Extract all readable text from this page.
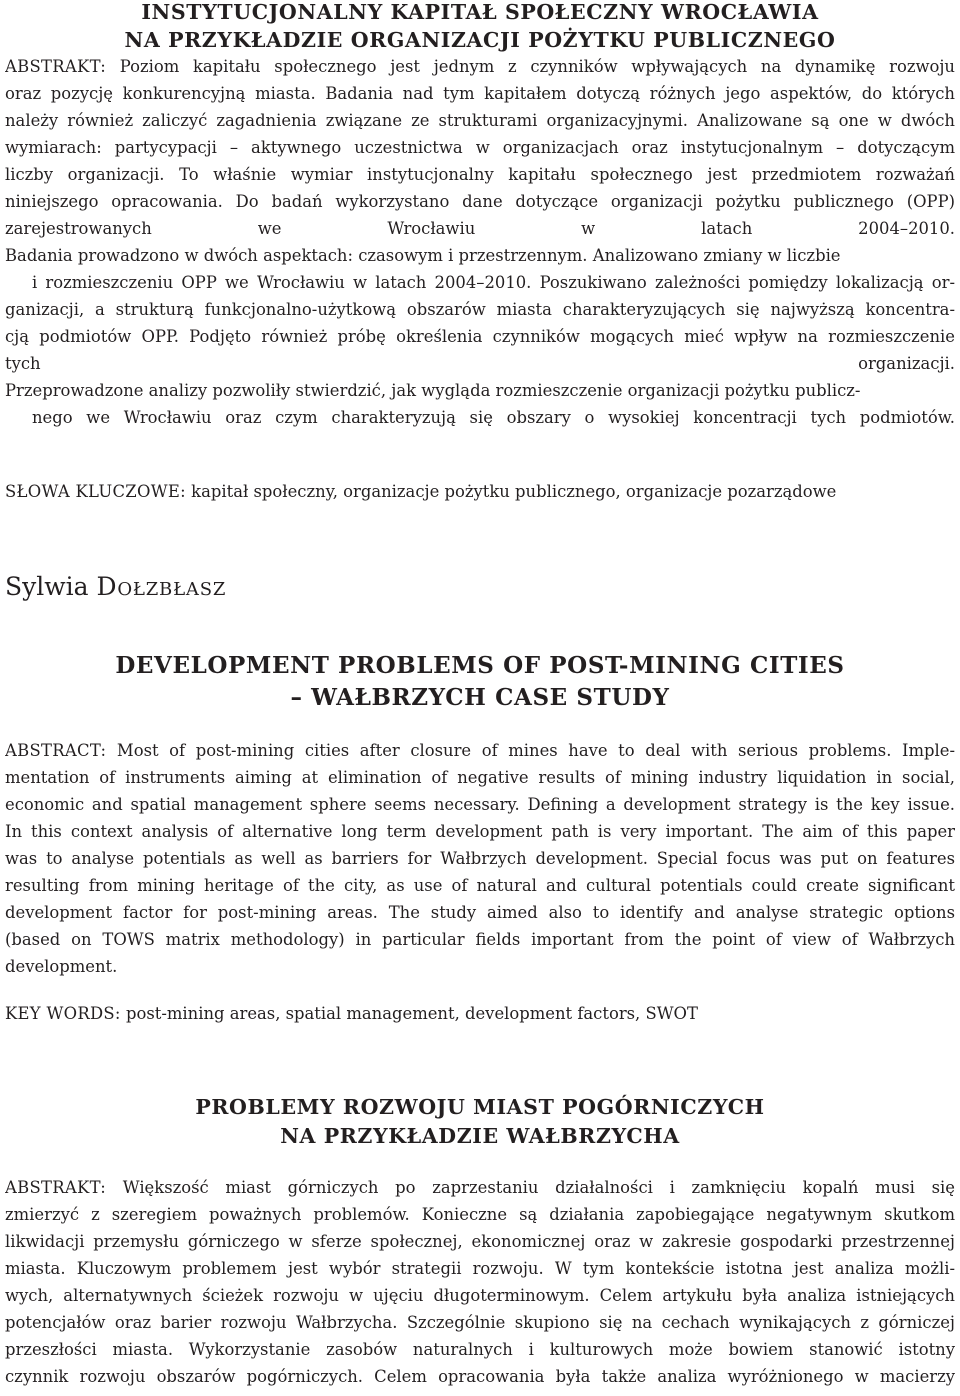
INSTYTUCJONALNY KAPITAŁ SPOŁECZNY WROCŁAWIA
NA PRZYKŁADZIE ORGANIZACJI POŻYTKU PUBLICZNEGO
ABSTRAKT: Poziom kapitału społecznego jest jednym z czynników wpływających na dynamikę rozwoju
oraz pozycję konkurencyjną miasta. Badania nad tym kapitałem dotyczą różnych jego aspektów, do których
należy również zaliczyć zagadnienia związane ze strukturami organizacyjnymi. Analizowane są one w dwóch
wymiarach: partycypacji – aktywnego uczestnictwa w organizacjach oraz instytucjonalnym – dotyczącym
liczby organizacji. To właśnie wymiar instytucjonalny kapitału społecznego jest przedmiotem rozważań
niniejszego opracowania. Do badań wykorzystano dane dotyczące organizacji pożytku publicznego (OPP)
zarejestrowanych we Wrocławiu w latach 2004–2010.
Badania prowadzono w dwóch aspektach: czasowym i przestrzennym. Analizowano zmiany w liczbie
i rozmieszczeniu OPP we Wrocławiu w latach 2004–2010. Poszukiwano zależności pomiędzy lokalizacją or-
ganizacji, a strukturą funkcjonalno-użytkową obszarów miasta charakteryzujących się najwyższą koncentra-
cją podmiotów OPP. Podjęto również próbę określenia czynników mogących mieć wpływ na rozmieszczenie
tych organizacji.
Przeprowadzone analizy pozwoliły stwierdzić, jak wygląda rozmieszczenie organizacji pożytku publicz-
nego we Wrocławiu oraz czym charakteryzują się obszary o wysokiej koncentracji tych podmiotów.
SŁOWA KLUCZOWE: kapitał społeczny, organizacje pożytku publicznego, organizacje pozarządowe
Sylwia Dołzbłasz
DEVELOPMENT PROBLEMS OF POST-MINING CITIES
– WAŁBRZYCH CASE STUDY
ABSTRACT: Most of post-mining cities after closure of mines have to deal with serious problems. Imple-
mentation of instruments aiming at elimination of negative results of mining industry liquidation in social,
economic and spatial management sphere seems necessary. Defining a development strategy is the key issue.
In this context analysis of alternative long term development path is very important. The aim of this paper
was to analyse potentials as well as barriers for Wałbrzych development. Special focus was put on features
resulting from mining heritage of the city, as use of natural and cultural potentials could create significant
development factor for post-mining areas. The study aimed also to identify and analyse strategic options
(based on TOWS matrix methodology) in particular fields important from the point of view of Wałbrzych
development.
KEY WORDS: post-mining areas, spatial management, development factors, SWOT
PROBLEMY ROZWOJU MIAST POGÓRNICZYCH
NA PRZYKŁADZIE WAŁBRZYCHA
ABSTRAKT: Większość miast górniczych po zaprzestaniu działalności i zamknięciu kopalń musi się
zmierzyć z szeregiem poważnych problemów. Konieczne są działania zapobiegające negatywnym skutkom
likwidacji przemysłu górniczego w sferze społecznej, ekonomicznej oraz w zakresie gospodarki przestrzennej
miasta. Kluczowym problemem jest wybór strategii rozwoju. W tym kontekście istotna jest analiza możli-
wych, alternatywnych ścieżek rozwoju w ujęciu długoterminowym. Celem artykułu była analiza istniejących
potencjałów oraz barier rozwoju Wałbrzycha. Szczególnie skupiono się na cechach wynikających z górniczej
przeszłości miasta. Wykorzystanie zasobów naturalnych i kulturowych może bowiem stanowić istotny
czynnik rozwoju obszarów pogórniczych. Celem opracowania była także analiza wyróżnionego w macierzy
